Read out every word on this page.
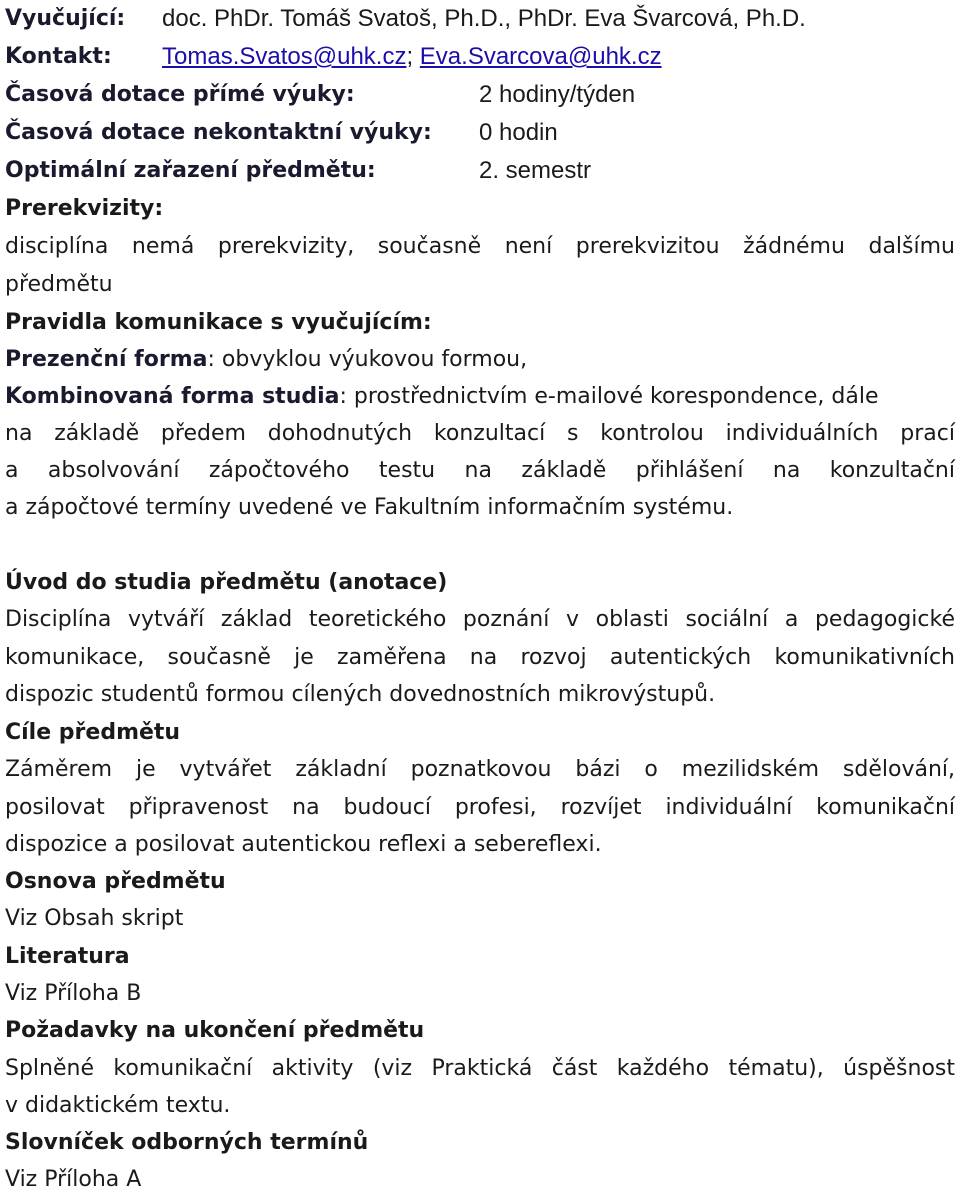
Vyučující: doc. PhDr. Tomáš Svatoš, Ph.D., PhDr. Eva Švarcová, Ph.D.
Kontakt: Tomas.Svatos@uhk.cz; Eva.Svarcova@uhk.cz
Časová dotace přímé výuky:	2 hodiny/týden
Časová dotace nekontaktní výuky: 0 hodin
Optimální zařazení předmětu:	2. semestr
Prerekvizity:
disciplína nemá prerekvizity, současně není prerekvizitou žádnému dalšímu
předmětu
Pravidla komunikace s vyučujícím:
Prezenční forma: obvyklou výukovou formou,
Kombinovaná forma studia: prostřednictvím e-mailové korespondence, dále
na základě předem dohodnutých konzultací s kontrolou individuálních prací
a absolvování zápočtového testu na základě přihlášení na konzultační
a zápočtové termíny uvedené ve Fakultním informačním systému.
Úvod do studia předmětu (anotace)
Disciplína vytváří základ teoretického poznání v oblasti sociální a pedagogické
komunikace, současně je zaměřena na rozvoj autentických komunikativních
dispozic studentů formou cílených dovednostních mikrovýstupů.
Cíle předmětu
Záměrem je vytvářet základní poznatkovou bázi o mezilidském sdělování,
posilovat připravenost na budoucí profesi, rozvíjet individuální komunikační
dispozice a posilovat autentickou reflexi a sebereflexi.
Osnova předmětu
Viz Obsah skript
Literatura
Viz Příloha B
Požadavky na ukončení předmětu
Splněné komunikační aktivity (viz Praktická část každého tématu), úspěšnost
v didaktickém textu.
Slovníček odborných termínů
Viz Příloha A
